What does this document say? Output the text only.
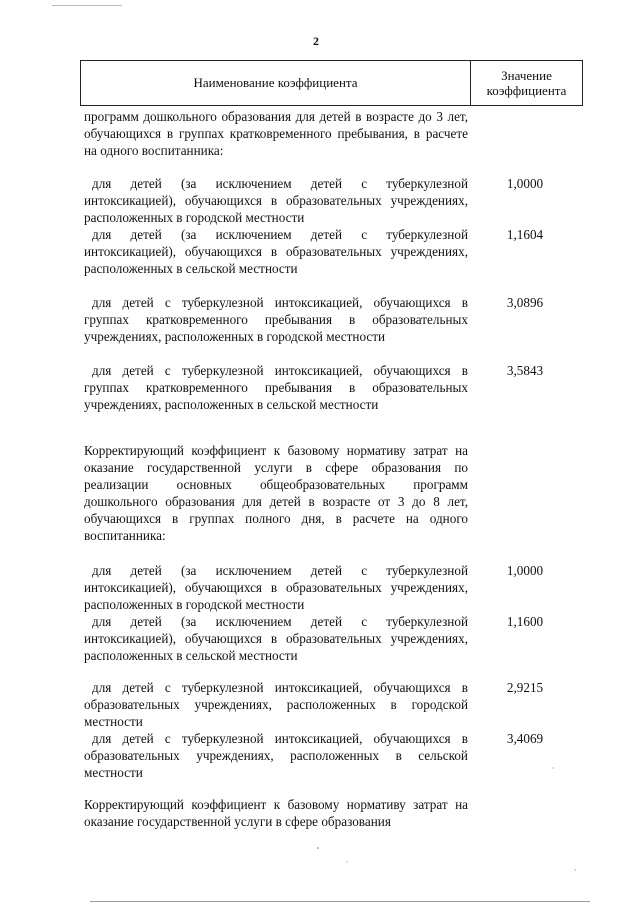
2
Наименование коэффициента	Значение
коэффициента
программ дошкольного образования для детей в возрасте до 3 лет, обучающихся в группах кратковременного пребывания, в расчете на одного воспитанника:
для детей (за исключением детей с туберкулезной интоксикацией), обучающихся в образовательных учреждениях, расположенных в городской местности
1,0000
для детей (за исключением детей с туберкулезной интоксикацией), обучающихся в образовательных учреждениях, расположенных в сельской местности
1,1604
для детей с туберкулезной интоксикацией, обучающихся в группах кратковременного пребывания в образовательных учреждениях, расположенных в городской местности
3,0896
для детей с туберкулезной интоксикацией, обучающихся в группах кратковременного пребывания в образовательных учреждениях, расположенных в сельской местности
3,5843
Корректирующий коэффициент к базовому нормативу затрат на оказание государственной услуги в сфере образования по реализации основных общеобразовательных программ дошкольного образования для детей в возрасте от 3 до 8 лет, обучающихся в группах полного дня, в расчете на одного воспитанника:
для детей (за исключением детей с туберкулезной интоксикацией), обучающихся в образовательных учреждениях, расположенных в городской местности
1,0000
для детей (за исключением детей с туберкулезной интоксикацией), обучающихся в образовательных учреждениях, расположенных в сельской местности
1,1600
для детей с туберкулезной интоксикацией, обучающихся в образовательных учреждениях, расположенных в городской местности
2,9215
для детей с туберкулезной интоксикацией, обучающихся в образовательных учреждениях, расположенных в сельской местности
3,4069
Корректирующий коэффициент к базовому нормативу затрат на оказание государственной услуги в сфере образования
